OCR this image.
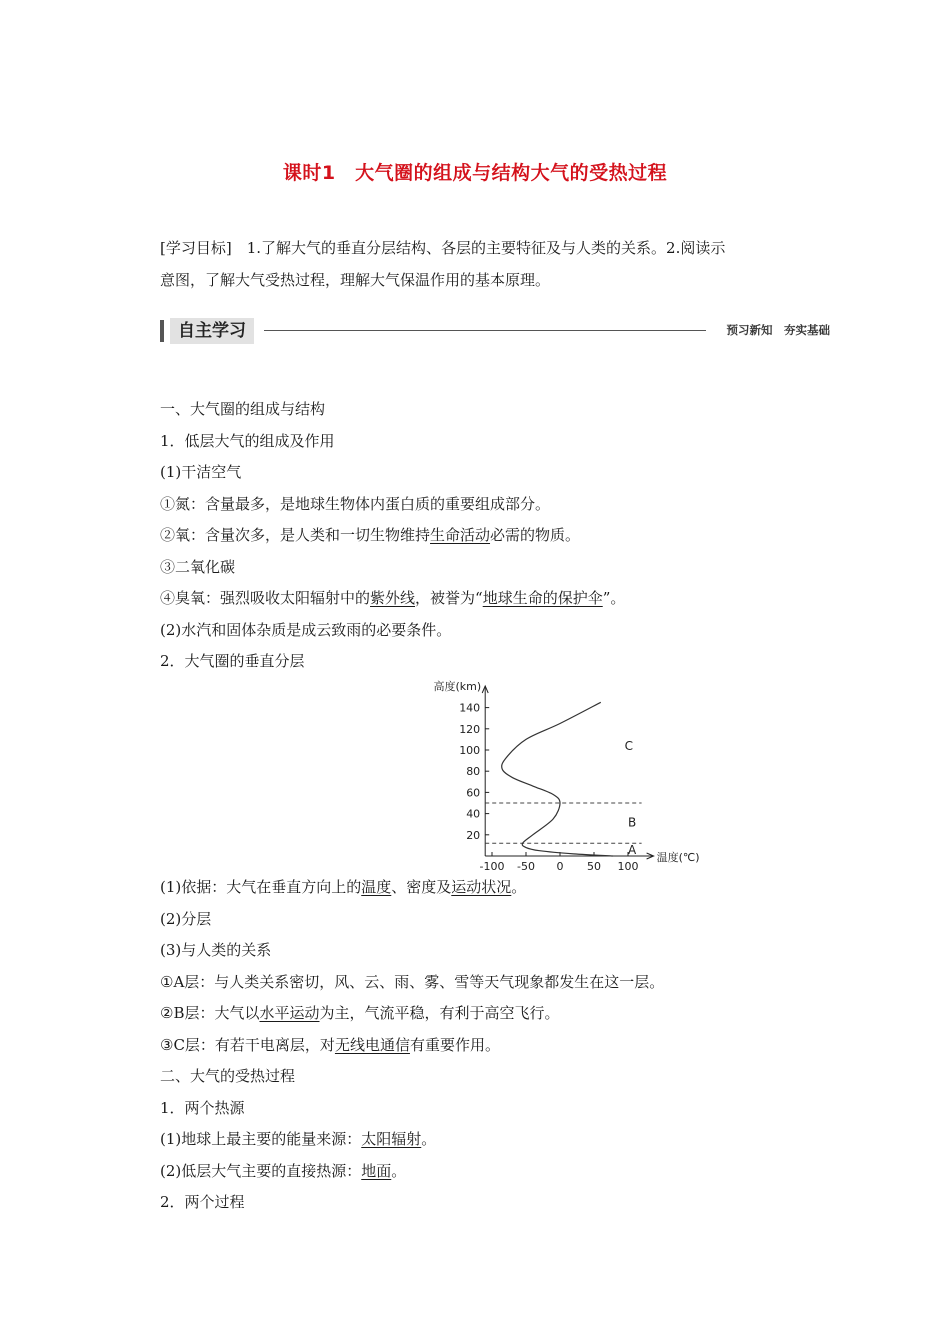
课时1　大气圈的组成与结构大气的受热过程
[学习目标]　 1.了解大气的垂直分层结构、各层的主要特征及与人类的关系。2.阅读示
意图，了解大气受热过程，理解大气保温作用的基本原理。
自主学习	预习新知　夯实基础
一、大气圈的组成与结构
1．低层大气的组成及作用
(1)干洁空气
①氮：含量最多，是地球生物体内蛋白质的重要组成部分。
②氧：含量次多，是人类和一切生物维持生命活动必需的物质。
③二氧化碳
④臭氧：强烈吸收太阳辐射中的紫外线，被誉为“地球生命的保护伞”。
(2)水汽和固体杂质是成云致雨的必要条件。
2．大气圈的垂直分层
高度(km)
温度(℃)
20
40
60
80
100
120
140
-100 -50 0 50 100
A
B
C
(1)依据：大气在垂直方向上的温度、密度及运动状况。
(2)分层
(3)与人类的关系
①A层：与人类关系密切，风、云、雨、雾、雪等天气现象都发生在这一层。
②B层：大气以水平运动为主，气流平稳，有利于高空飞行。
③C层：有若干电离层，对无线电通信有重要作用。
二、大气的受热过程
1．两个热源
(1)地球上最主要的能量来源：太阳辐射。
(2)低层大气主要的直接热源：地面。
2．两个过程
